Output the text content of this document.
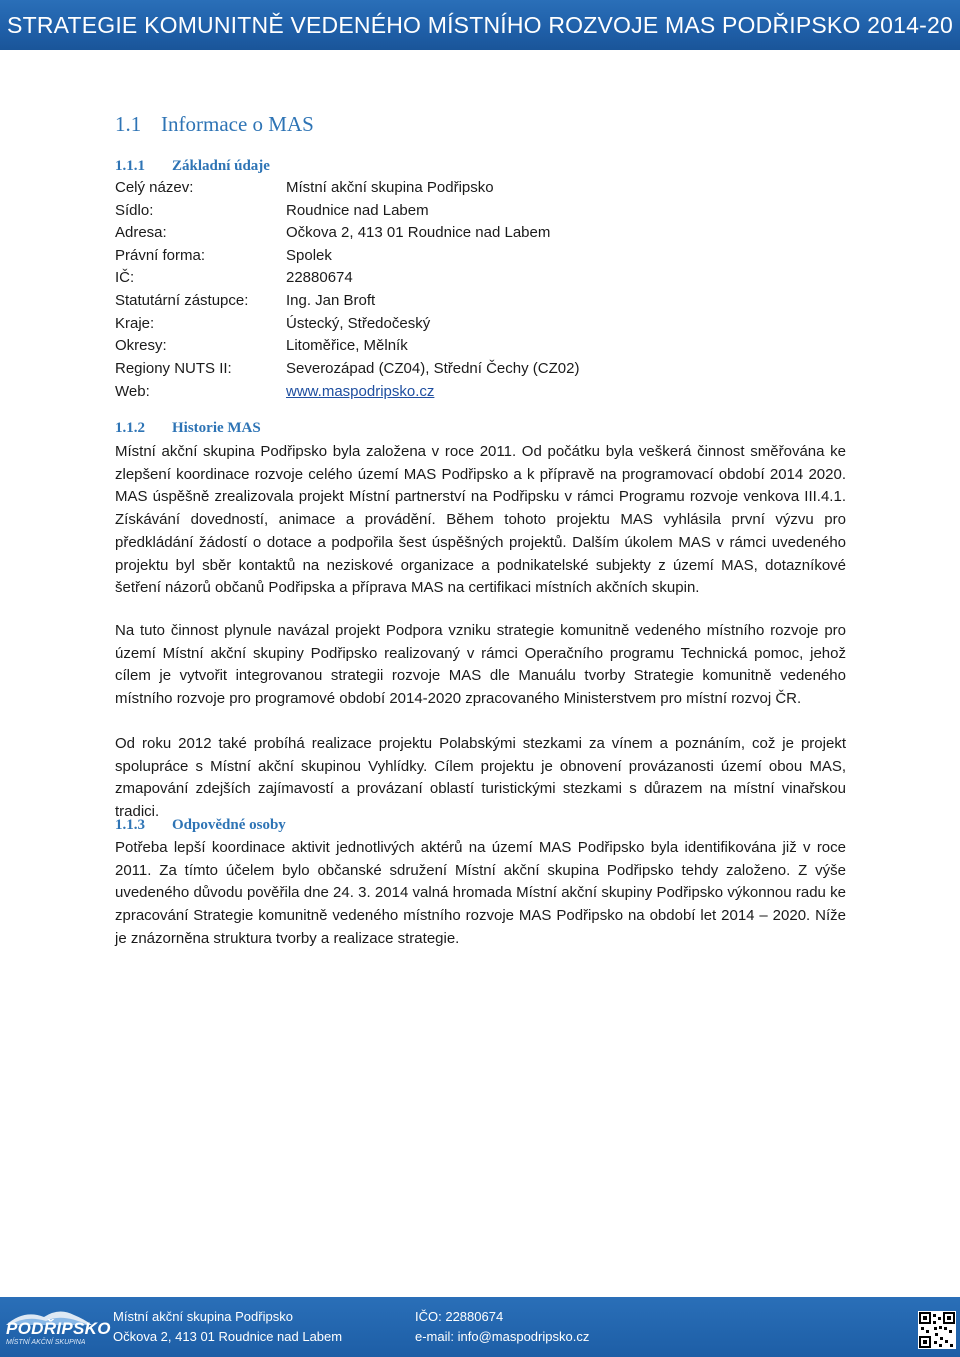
STRATEGIE KOMUNITNĚ VEDENÉHO MÍSTNÍHO ROZVOJE MAS PODŘIPSKO 2014-20
1.1 Informace o MAS
1.1.1 Základní údaje
Celý název:	Místní akční skupina Podřipsko
Sídlo:	Roudnice nad Labem
Adresa:	Očkova 2, 413 01 Roudnice nad Labem
Právní forma:	Spolek
IČ:	22880674
Statutární zástupce:	Ing. Jan Broft
Kraje:	Ústecký, Středočeský
Okresy:	Litoměřice, Mělník
Regiony NUTS II:	Severozápad (CZ04), Střední Čechy (CZ02)
Web:	www.maspodripsko.cz
1.1.2 Historie MAS

Místní akční skupina Podřipsko byla založena v roce 2011. Od počátku byla veškerá činnost směřována ke zlepšení koordinace rozvoje celého území MAS Podřipsko a k přípravě na programovací období 2014 2020. MAS úspěšně zrealizovala projekt Místní partnerství na Podřipsku v rámci Programu rozvoje venkova III.4.1. Získávání dovedností, animace a provádění. Během tohoto projektu MAS vyhlásila první výzvu pro předkládání žádostí o dotace a podpořila šest úspěšných projektů. Dalším úkolem MAS v rámci uvedeného projektu byl sběr kontaktů na neziskové organizace a podnikatelské subjekty z území MAS, dotazníkové šetření názorů občanů Podřipska a příprava MAS na certifikaci místních akčních skupin.

Na tuto činnost plynule navázal projekt Podpora vzniku strategie komunitně vedeného místního rozvoje pro území Místní akční skupiny Podřipsko realizovaný v rámci Operačního programu Technická pomoc, jehož cílem je vytvořit integrovanou strategii rozvoje MAS dle Manuálu tvorby Strategie komunitně vedeného místního rozvoje pro programové období 2014-2020 zpracovaného Ministerstvem pro místní rozvoj ČR.

Od roku 2012 také probíhá realizace projektu Polabskými stezkami za vínem a poznáním, což je projekt spolupráce s Místní akční skupinou Vyhlídky. Cílem projektu je obnovení provázanosti území obou MAS, zmapování zdejších zajímavostí a provázaní oblastí turistickými stezkami s důrazem na místní vinařskou tradici.

1.1.3 Odpovědné osoby

Potřeba lepší koordinace aktivit jednotlivých aktérů na území MAS Podřipsko byla identifikována již v roce 2011. Za tímto účelem bylo občanské sdružení Místní akční skupina Podřipsko tehdy založeno. Z výše uvedeného důvodu pověřila dne 24. 3. 2014 valná hromada Místní akční skupiny Podřipsko výkonnou radu ke zpracování Strategie komunitně vedeného místního rozvoje MAS Podřipsko na období let 2014 – 2020. Níže je znázorněna struktura tvorby a realizace strategie.

PODŘIPSKO
MÍSTNÍ AKČNÍ SKUPINA
Místní akční skupina Podřipsko
Očkova 2, 413 01 Roudnice nad Labem
IČO: 22880674
e-mail: info@maspodripsko.cz
